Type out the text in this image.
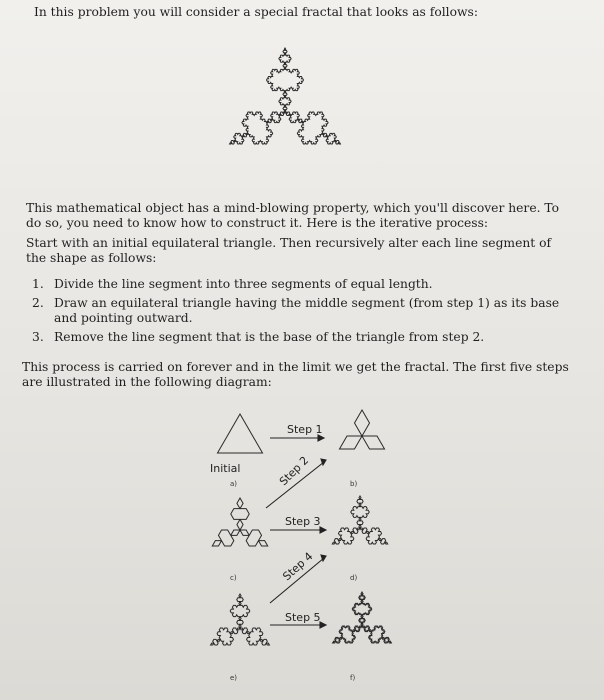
In this problem you will consider a special fractal that looks as follows:
This mathematical object has a mind-blowing property, which you'll discover here. To do so, you need to know how to construct it. Here is the iterative process:
Start with an initial equilateral triangle. Then recursively alter each line segment of the shape as follows:
1. Divide the line segment into three segments of equal length.
2. Draw an equilateral triangle having the middle segment (from step 1) as its base and pointing outward.
3. Remove the line segment that is the base of the triangle from step 2.
This process is carried on forever and in the limit we get the fractal. The first five steps are illustrated in the following diagram:
Step 1
Step 2
Step 3
Step 4
Step 5
Initial
a)	b)
c)	d)
e)	f)
